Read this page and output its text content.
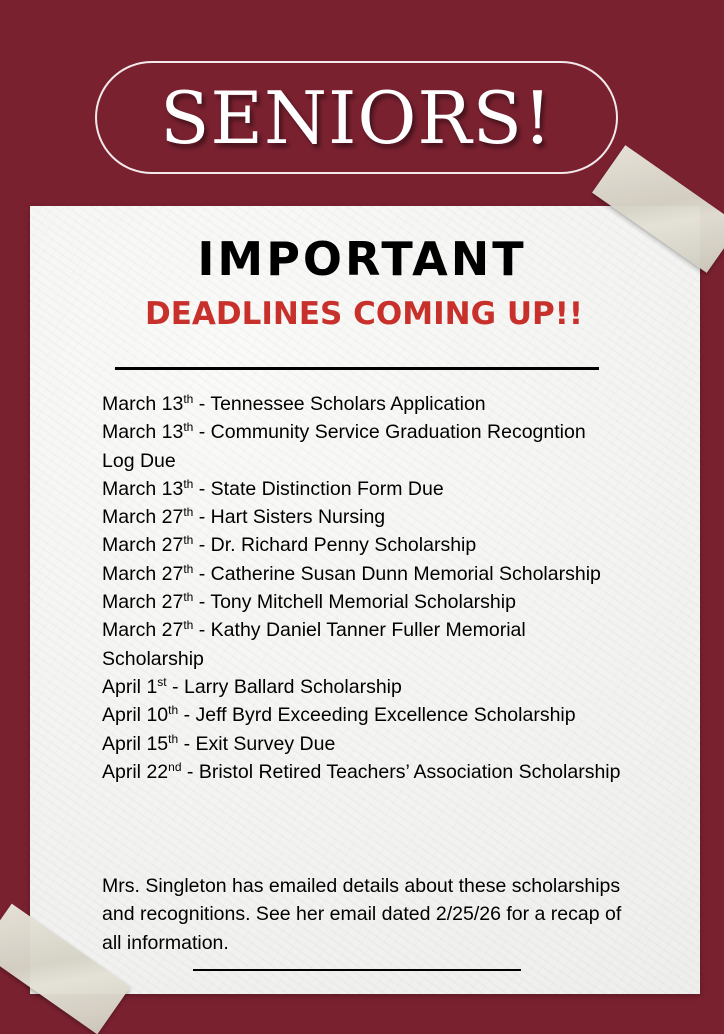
SENIORS!
IMPORTANT
DEADLINES COMING UP!!
March 13th - Tennessee Scholars Application
March 13th - Community Service Graduation Recogntion Log Due
March 13th - State Distinction Form Due
March 27th - Hart Sisters Nursing
March 27th - Dr. Richard Penny Scholarship
March 27th - Catherine Susan Dunn Memorial Scholarship
March 27th - Tony Mitchell Memorial Scholarship
March 27th - Kathy Daniel Tanner Fuller Memorial Scholarship
April 1st - Larry Ballard Scholarship
April 10th - Jeff Byrd Exceeding Excellence Scholarship
April 15th - Exit Survey Due
April 22nd - Bristol Retired Teachers’ Association Scholarship

Mrs. Singleton has emailed details about these scholarships and recognitions. See her email dated 2/25/26 for a recap of all information.
